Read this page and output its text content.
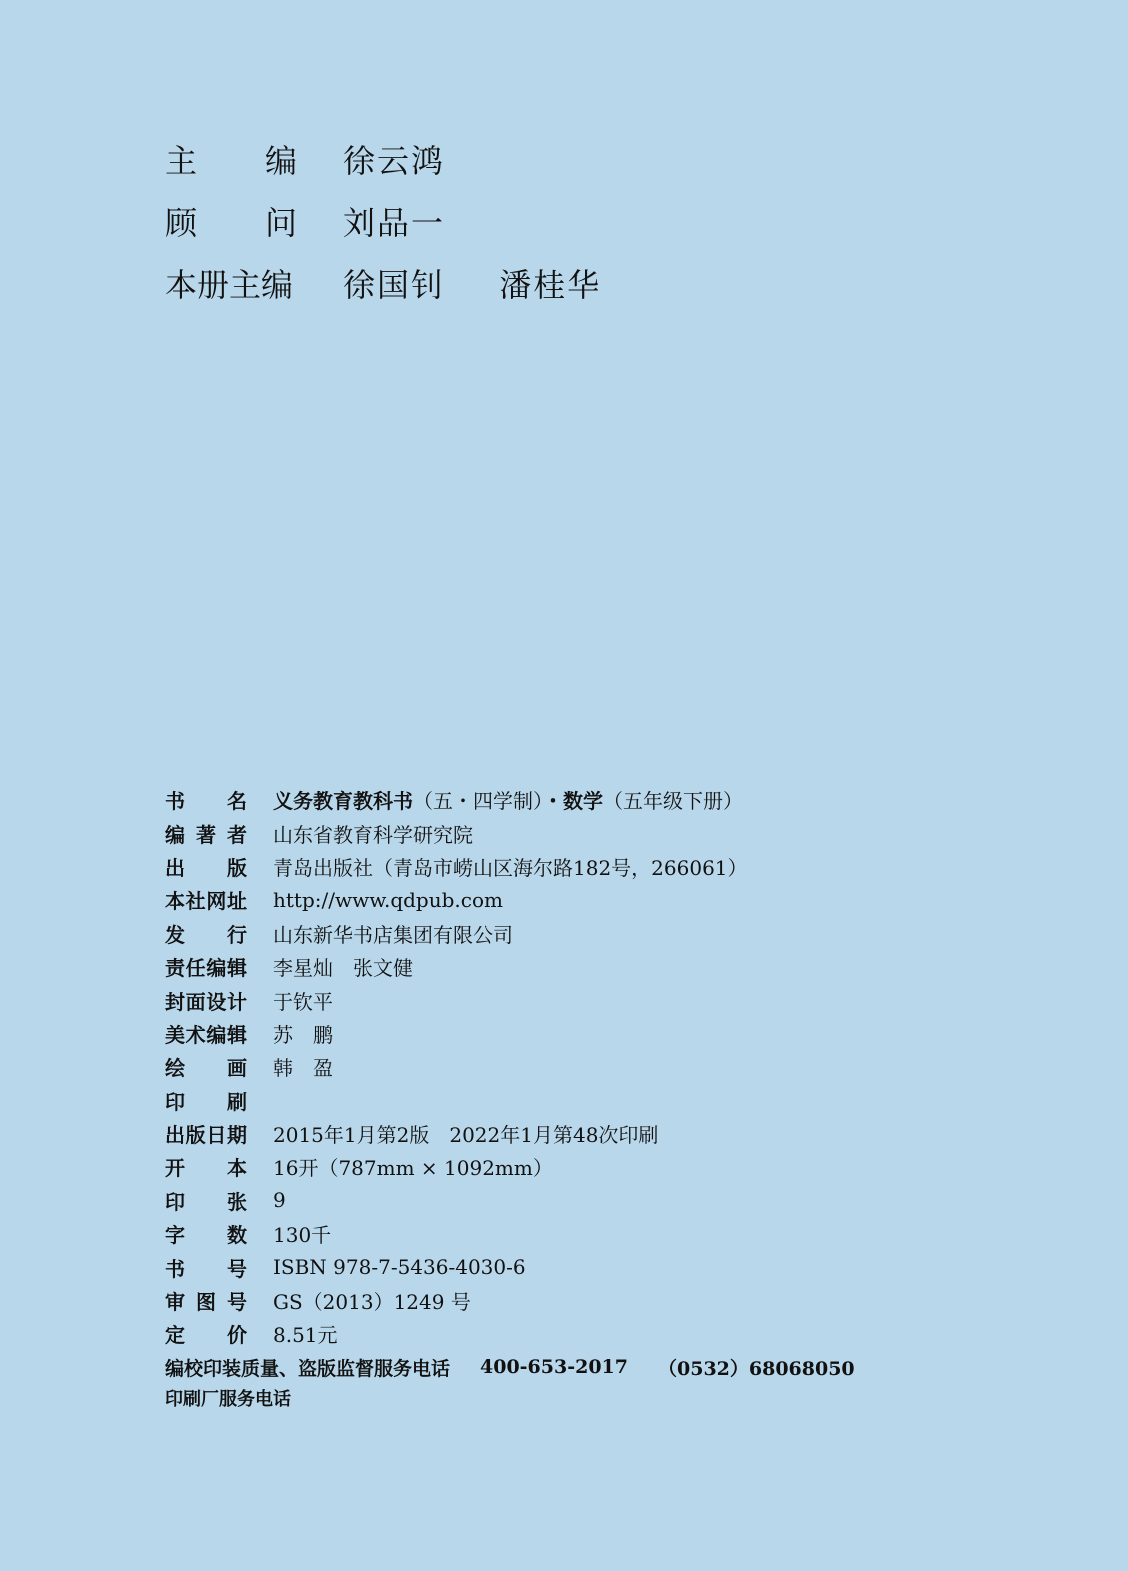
主 编 徐云鸿
顾 问 刘品一
本册主编	徐国钊 潘桂华
书 名 义务教育教科书（五・四学制）・数学（五年级下册）
编 著 者 山东省教育科学研究院
出 版 青岛出版社（青岛市崂山区海尔路182号，266061）
本 社 网 址 http://www.qdpub.com
发 行 山东新华书店集团有限公司
责 任 编 辑 李星灿　张文健
封 面 设 计 于钦平
美 术 编 辑 苏　鹏
绘 画 韩　盈
印 刷
出 版 日 期 2015年1月第2版　2022年1月第48次印刷
开 本 16开（787mm × 1092mm）
印 张 9
字 数 130千
书 号 ISBN 978-7-5436-4030-6
审 图 号 GS（2013）1249 号
定 价 8.51元
编校印装质量、盗版监督服务电话 400-653-2017 （0532）68068050
印刷厂服务电话
